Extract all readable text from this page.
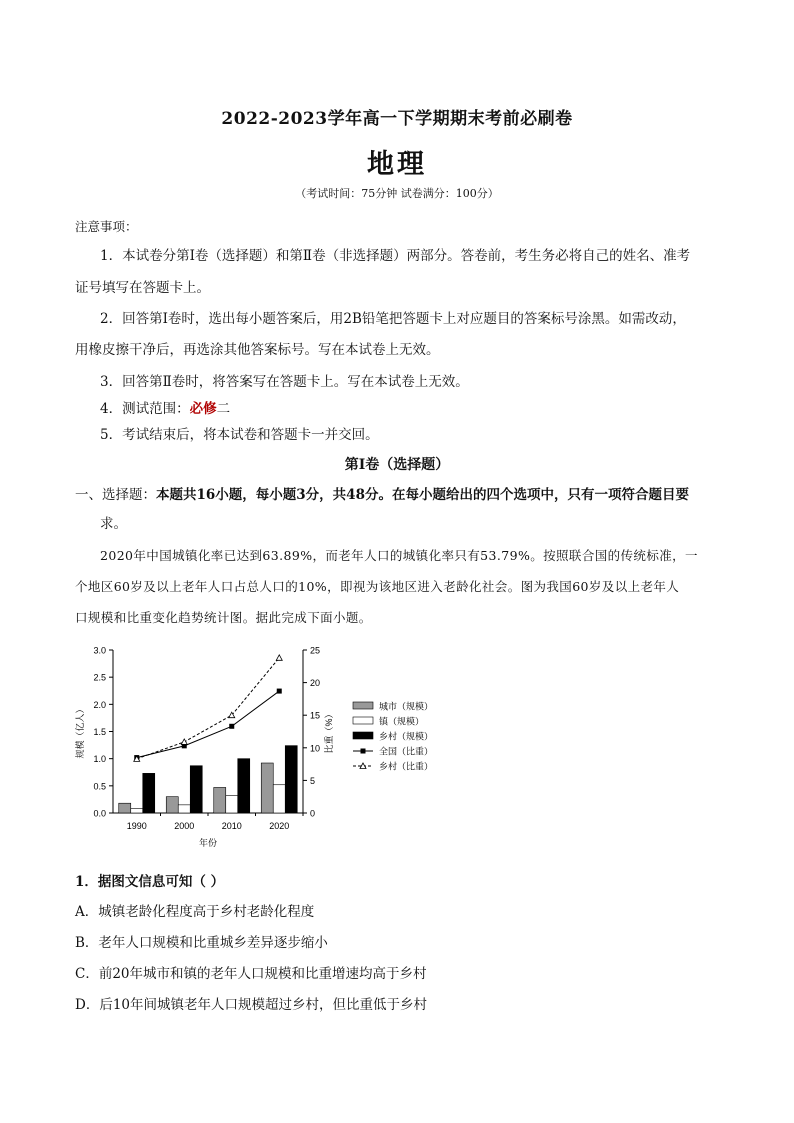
2022-2023学年高一下学期期末考前必刷卷
地理
（考试时间：75分钟 试卷满分：100分）
注意事项：
1．本试卷分第Ⅰ卷（选择题）和第Ⅱ卷（非选择题）两部分。答卷前，考生务必将自己的姓名、准考
证号填写在答题卡上。
2．回答第Ⅰ卷时，选出每小题答案后，用2B铅笔把答题卡上对应题目的答案标号涂黑。如需改动，
用橡皮擦干净后，再选涂其他答案标号。写在本试卷上无效。
3．回答第Ⅱ卷时，将答案写在答题卡上。写在本试卷上无效。
4．测试范围：必修二
5．考试结束后，将本试卷和答题卡一并交回。
第Ⅰ卷（选择题）
一、选择题：本题共16小题，每小题3分，共48分。在每小题给出的四个选项中，只有一项符合题目要
求。
2020年中国城镇化率已达到63.89%，而老年人口的城镇化率只有53.79%。按照联合国的传统标准，一
个地区60岁及以上老年人口占总人口的10%，即视为该地区进入老龄化社会。图为我国60岁及以上老年人
口规模和比重变化趋势统计图。据此完成下面小题。
0.0
0.5
1.0
1.5
2.0
2.5
3.0
0
5
10
15
20
25
规模（亿人）	比重（%）
年份
1990	2000	2010	2020
城市（规模）
镇（规模）
乡村（规模）
全国（比重）
乡村（比重）
1．据图文信息可知（ ）
A．城镇老龄化程度高于乡村老龄化程度
B．老年人口规模和比重城乡差异逐步缩小
C．前20年城市和镇的老年人口规模和比重增速均高于乡村
D．后10年间城镇老年人口规模超过乡村，但比重低于乡村
